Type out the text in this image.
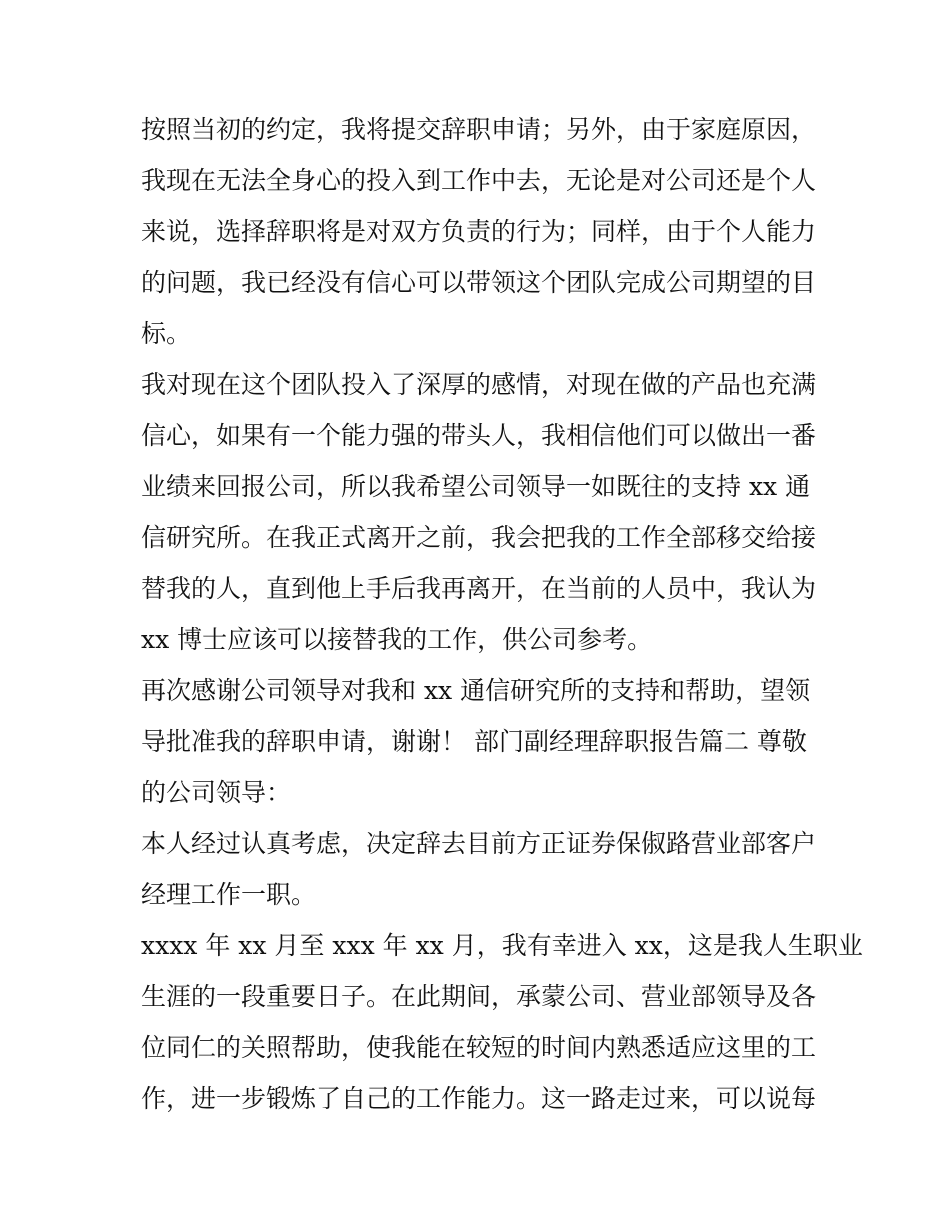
按照当初的约定，我将提交辞职申请；另外，由于家庭原因，
我现在无法全身心的投入到工作中去，无论是对公司还是个人
来说，选择辞职将是对双方负责的行为；同样，由于个人能力
的问题，我已经没有信心可以带领这个团队完成公司期望的目
标。
我对现在这个团队投入了深厚的感情，对现在做的产品也充满
信心，如果有一个能力强的带头人，我相信他们可以做出一番
业绩来回报公司，所以我希望公司领导一如既往的支持 xx 通
信研究所。在我正式离开之前，我会把我的工作全部移交给接
替我的人，直到他上手后我再离开，在当前的人员中，我认为
xx 博士应该可以接替我的工作，供公司参考。
再次感谢公司领导对我和 xx 通信研究所的支持和帮助，望领
导批准我的辞职申请，谢谢！ 部门副经理辞职报告篇二 尊敬
的公司领导：
本人经过认真考虑，决定辞去目前方正证券保俶路营业部客户
经理工作一职。
xxxx 年 xx 月至 xxx 年 xx 月，我有幸进入 xx，这是我人生职业
生涯的一段重要日子。在此期间，承蒙公司、营业部领导及各
位同仁的关照帮助，使我能在较短的时间内熟悉适应这里的工
作，进一步锻炼了自己的工作能力。这一路走过来，可以说每
